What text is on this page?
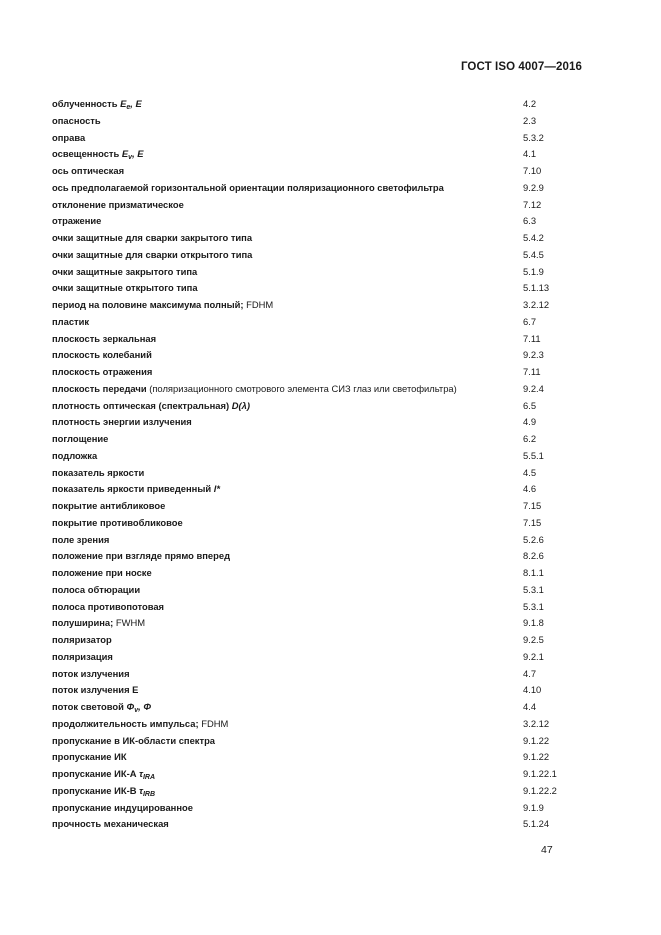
ГОСТ ISO 4007—2016
облученность $E_e$, E	4.2
опасность	2.3
оправа	5.3.2
освещенность $E_v$, E	4.1
ось оптическая	7.10
ось предполагаемой горизонтальной ориентации поляризационного светофильтра	9.2.9
отклонение призматическое	7.12
отражение	6.3
очки защитные для сварки закрытого типа	5.4.2
очки защитные для сварки открытого типа	5.4.5
очки защитные закрытого типа	5.1.9
очки защитные открытого типа	5.1.13
период на половине максимума полный; FDHM	3.2.12
пластик	6.7
плоскость зеркальная	7.11
плоскость колебаний	9.2.3
плоскость отражения	7.11
плоскость передачи (поляризационного смотрового элемента СИЗ глаз или светофильтра)	9.2.4
плотность оптическая (спектральная) D(λ)	6.5
плотность энергии излучения	4.9
поглощение	6.2
подложка	5.5.1
показатель яркости	4.5
показатель яркости приведенный l*	4.6
покрытие антибликовое	7.15
покрытие противобликовое	7.15
поле зрения	5.2.6
положение при взгляде прямо вперед	8.2.6
положение при носке	8.1.1
полоса обтюрации	5.3.1
полоса противопотовая	5.3.1
полуширина; FWHM	9.1.8
поляризатор	9.2.5
поляризация	9.2.1
поток излучения	4.7
поток излучения Е	4.10
поток световой $\Phi_v$, Φ	4.4
продолжительность импульса; FDHM	3.2.12
пропускание в ИК-области спектра	9.1.22
пропускание ИК	9.1.22
пропускание ИК-А $\tau_{IRA}$	9.1.22.1
пропускание ИК-В $\tau_{IRB}$	9.1.22.2
пропускание индуцированное	9.1.9
прочность механическая	5.1.24
47
